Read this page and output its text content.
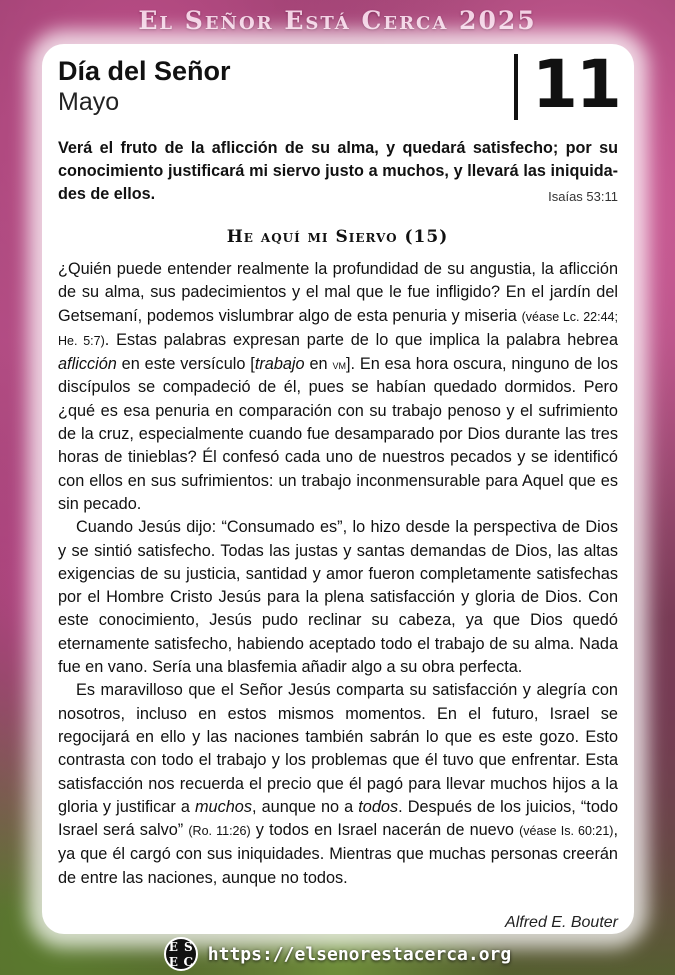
El Señor Está Cerca 2025
Día del Señor
Mayo	11
Verá el fruto de la aflicción de su alma, y quedará satisfecho; por su conocimiento justificará mi siervo justo a muchos, y llevará las iniquidades de ellos.	Isaías 53:11
He aquí mi Siervo (15)

¿Quién puede entender realmente la profundidad de su angustia, la aflicción de su alma, sus padecimientos y el mal que le fue infligido? En el jardín del Getsemaní, podemos vislumbrar algo de esta penuria y miseria (véase Lc. 22:44; He. 5:7). Estas palabras expresan parte de lo que implica la palabra hebrea aflicción en este versículo [trabajo en vm]. En esa hora oscura, ninguno de los discípulos se compadeció de él, pues se habían quedado dormidos. Pero ¿qué es esa penuria en comparación con su trabajo penoso y el sufrimiento de la cruz, especialmente cuando fue desamparado por Dios durante las tres horas de tinieblas? Él confesó cada uno de nuestros pecados y se identificó con ellos en sus sufrimientos: un trabajo inconmensurable para Aquel que es sin pecado.

Cuando Jesús dijo: “Consumado es”, lo hizo desde la perspectiva de Dios y se sintió satisfecho. Todas las justas y santas demandas de Dios, las altas exigencias de su justicia, santidad y amor fueron completamente satisfechas por el Hombre Cristo Jesús para la plena satisfacción y gloria de Dios. Con este conocimiento, Jesús pudo reclinar su cabeza, ya que Dios quedó eternamente satisfecho, habiendo aceptado todo el trabajo de su alma. Nada fue en vano. Sería una blasfemia añadir algo a su obra perfecta.

Es maravilloso que el Señor Jesús comparta su satisfacción y alegría con nosotros, incluso en estos mismos momentos. En el futuro, Israel se regocijará en ello y las naciones también sabrán lo que es este gozo. Esto contrasta con todo el trabajo y los problemas que él tuvo que enfrentar. Esta satisfacción nos recuerda el precio que él pagó para llevar muchos hijos a la gloria y justificar a muchos, aunque no a todos. Después de los juicios, “todo Israel será salvo” (Ro. 11:26) y todos en Israel nacerán de nuevo (véase Is. 60:21), ya que él cargó con sus iniquidades. Mientras que muchas personas creerán de entre las naciones, aunque no todos.

Alfred E. Bouter
E S
E C https://elsenorestacerca.org
